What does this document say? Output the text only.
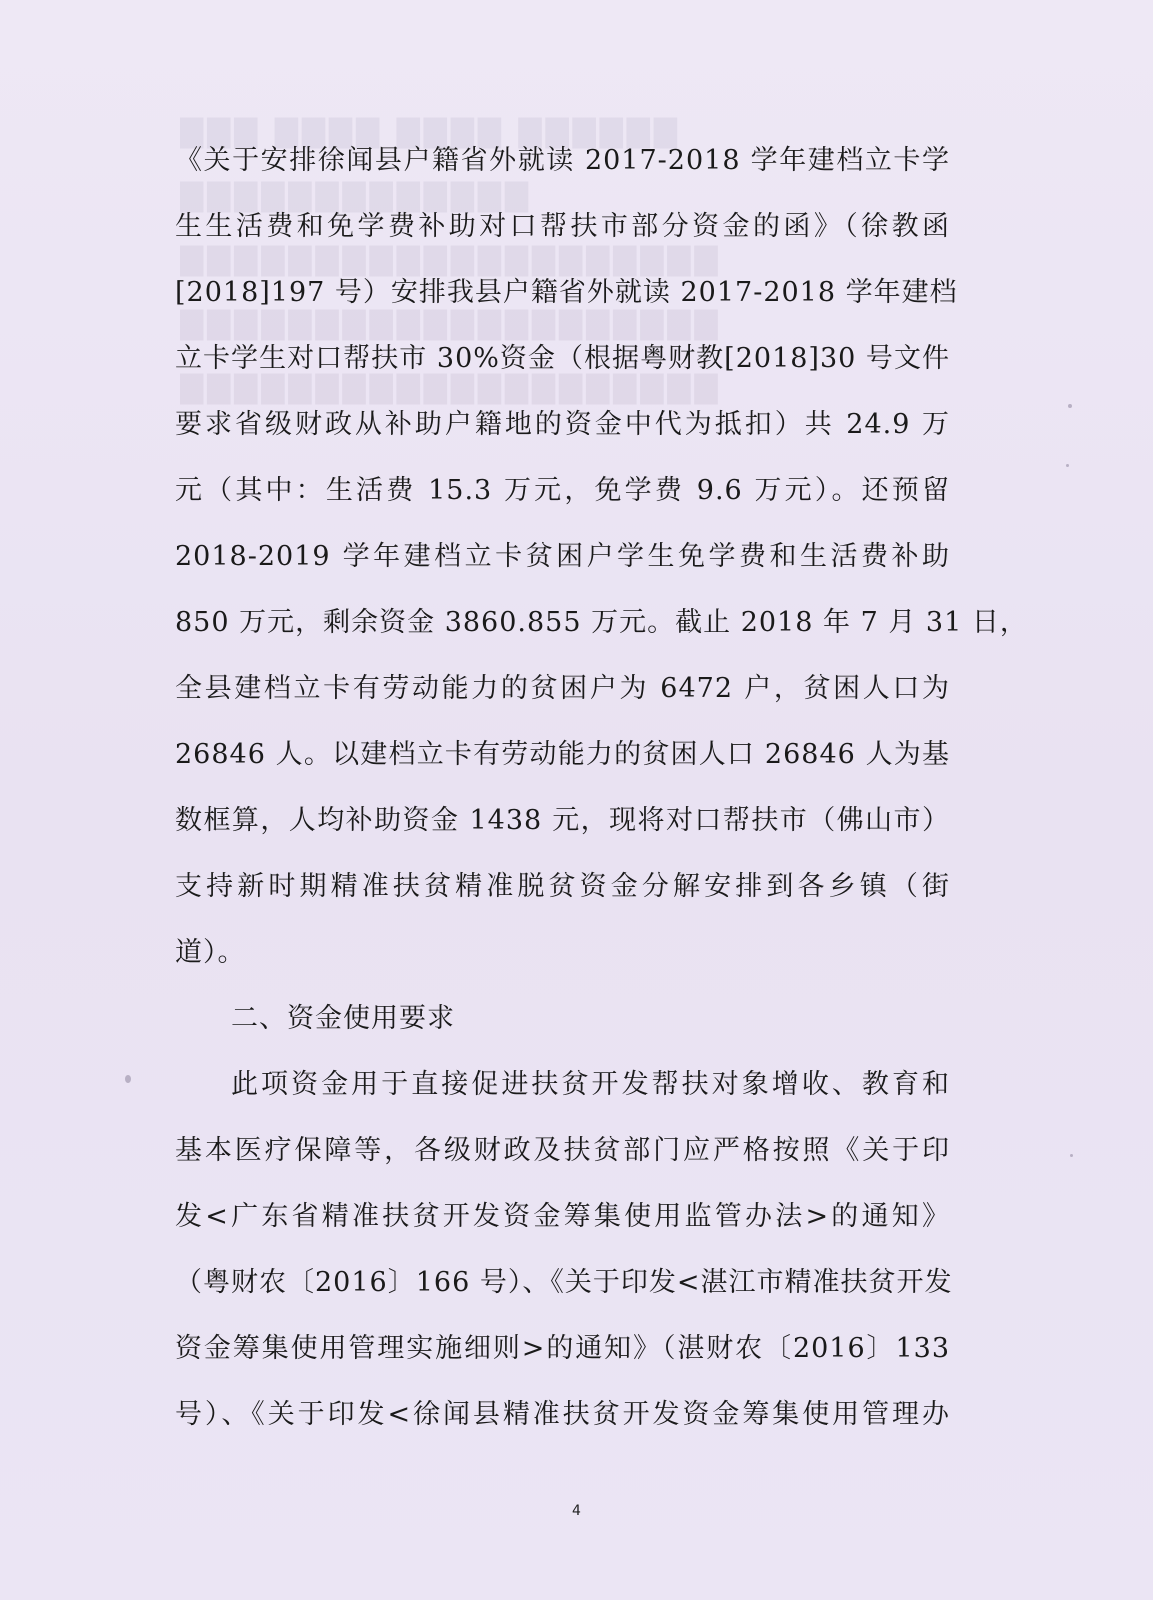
▇▇▇ ▇▇▇▇ ▇▇▇▇ ▇▇▇▇▇▇
▇▇▇▇▇▇▇▇▇▇▇▇▇
▇▇▇▇▇▇▇▇▇▇▇▇▇▇▇▇▇▇▇▇
▇▇▇▇▇▇▇▇▇▇▇▇▇▇▇▇▇▇▇▇
▇▇▇▇▇▇▇▇▇▇▇▇▇▇▇▇▇▇▇▇
《关于安排徐闻县户籍省外就读 2017-2018 学年建档立卡学
生生活费和免学费补助对口帮扶市部分资金的函》（徐教函
[2018]197 号）安排我县户籍省外就读 2017-2018 学年建档
立卡学生对口帮扶市 30%资金（根据粤财教[2018]30 号文件
要求省级财政从补助户籍地的资金中代为抵扣）共 24.9 万
元（其中：生活费 15.3 万元，免学费 9.6 万元）。还预留
2018-2019 学年建档立卡贫困户学生免学费和生活费补助
850 万元，剩余资金 3860.855 万元。截止 2018 年 7 月 31 日，
全县建档立卡有劳动能力的贫困户为 6472 户，贫困人口为
26846 人。以建档立卡有劳动能力的贫困人口 26846 人为基
数框算，人均补助资金 1438 元，现将对口帮扶市（佛山市）
支持新时期精准扶贫精准脱贫资金分解安排到各乡镇（街
道）。
二、资金使用要求
此项资金用于直接促进扶贫开发帮扶对象增收、教育和
基本医疗保障等，各级财政及扶贫部门应严格按照《关于印
发<广东省精准扶贫开发资金筹集使用监管办法>的通知》
（粤财农〔2016〕166 号）、《关于印发<湛江市精准扶贫开发
资金筹集使用管理实施细则>的通知》（湛财农〔2016〕133
号）、《关于印发<徐闻县精准扶贫开发资金筹集使用管理办
4
